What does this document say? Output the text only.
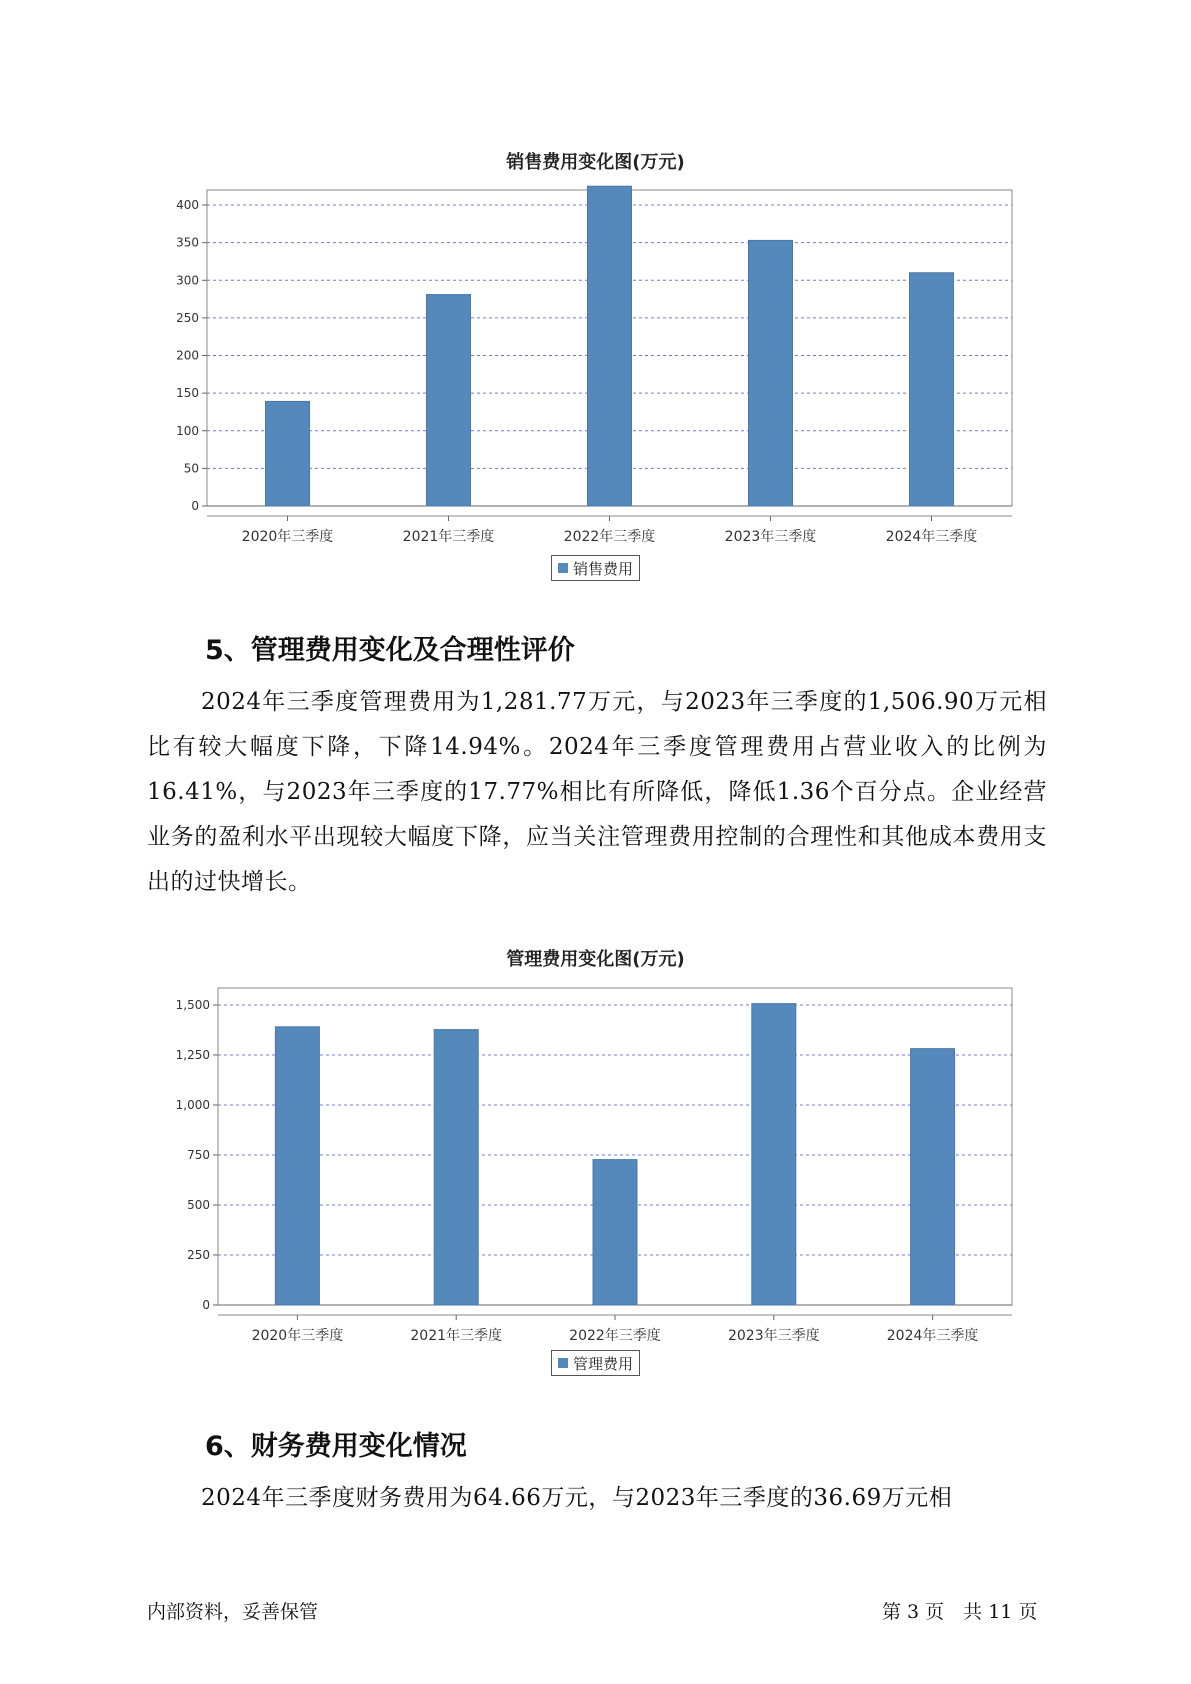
销售费用变化图(万元)
0
50
100
150
200
250
300
350
400
2020年三季度	2021年三季度	2022年三季度	2023年三季度	2024年三季度
销售费用
5、管理费用变化及合理性评价

2024年三季度管理费用为1,281.77万元，与2023年三季度的1,506.90万元相比有较大幅度下降，下降14.94%。2024年三季度管理费用占营业收入的比例为16.41%，与2023年三季度的17.77%相比有所降低，降低1.36个百分点。企业经营业务的盈利水平出现较大幅度下降，应当关注管理费用控制的合理性和其他成本费用支出的过快增长。

管理费用变化图(万元)
0
250
500
750
1,000
1,250
1,500
2020年三季度	2021年三季度	2022年三季度	2023年三季度	2024年三季度
管理费用
6、财务费用变化情况

2024年三季度财务费用为64.66万元，与2023年三季度的36.69万元相

内部资料，妥善保管	第 3 页　共 11 页
